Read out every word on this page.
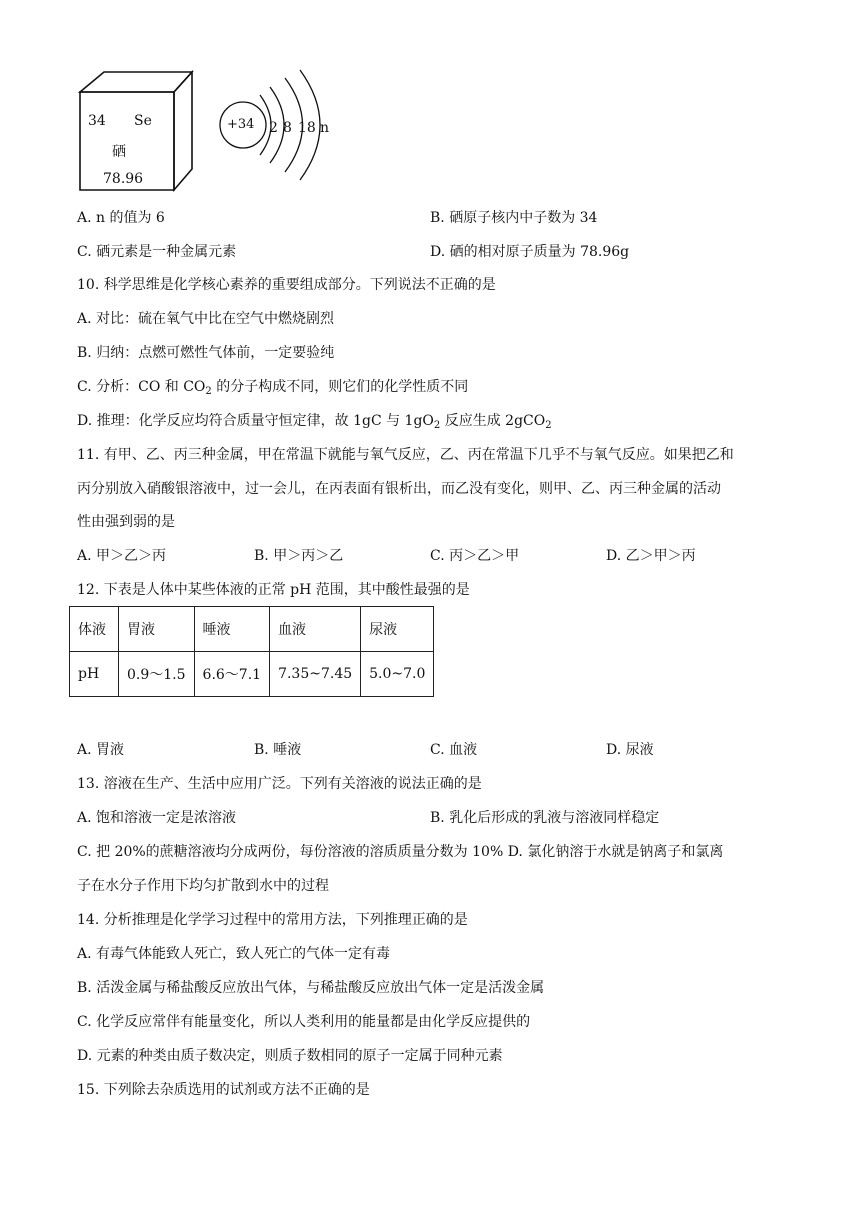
34 Se
硒
78.96
+34 2 8 18 n
A. n 的值为 6	B. 硒原子核内中子数为 34
C. 硒元素是一种金属元素	D. 硒的相对原子质量为 78.96g
10. 科学思维是化学核心素养的重要组成部分。下列说法不正确的是
A. 对比：硫在氧气中比在空气中燃烧剧烈
B. 归纳：点燃可燃性气体前，一定要验纯
C. 分析：CO 和 $CO_2$ 的分子构成不同，则它们的化学性质不同
D. 推理：化学反应均符合质量守恒定律，故 1gC 与 $1gO_2$ 反应生成 2gCO$_2$
11. 有甲、乙、丙三种金属，甲在常温下就能与氧气反应，乙、丙在常温下几乎不与氧气反应。如果把乙和
丙分别放入硝酸银溶液中，过一会儿，在丙表面有银析出，而乙没有变化，则甲、乙、丙三种金属的活动
性由强到弱的是
A. 甲＞乙＞丙	B. 甲＞丙＞乙	C. 丙＞乙＞甲	D. 乙＞甲＞丙
12. 下表是人体中某些体液的正常 pH 范围，其中酸性最强的是
体液	胃液	唾液	血液	尿液
pH	0.9～1.5	6.6～7.1	7.35~7.45	5.0~7.0
A. 胃液	B. 唾液	C. 血液	D. 尿液
13. 溶液在生产、生活中应用广泛。下列有关溶液的说法正确的是
A. 饱和溶液一定是浓溶液	B. 乳化后形成的乳液与溶液同样稳定
C. 把 20%的蔗糖溶液均分成两份，每份溶液的溶质质量分数为 10% D. 氯化钠溶于水就是钠离子和氯离
子在水分子作用下均匀扩散到水中的过程
14. 分析推理是化学学习过程中的常用方法，下列推理正确的是
A. 有毒气体能致人死亡，致人死亡的气体一定有毒
B. 活泼金属与稀盐酸反应放出气体，与稀盐酸反应放出气体一定是活泼金属
C. 化学反应常伴有能量变化，所以人类利用的能量都是由化学反应提供的
D. 元素的种类由质子数决定，则质子数相同的原子一定属于同种元素
15. 下列除去杂质选用的试剂或方法不正确的是
